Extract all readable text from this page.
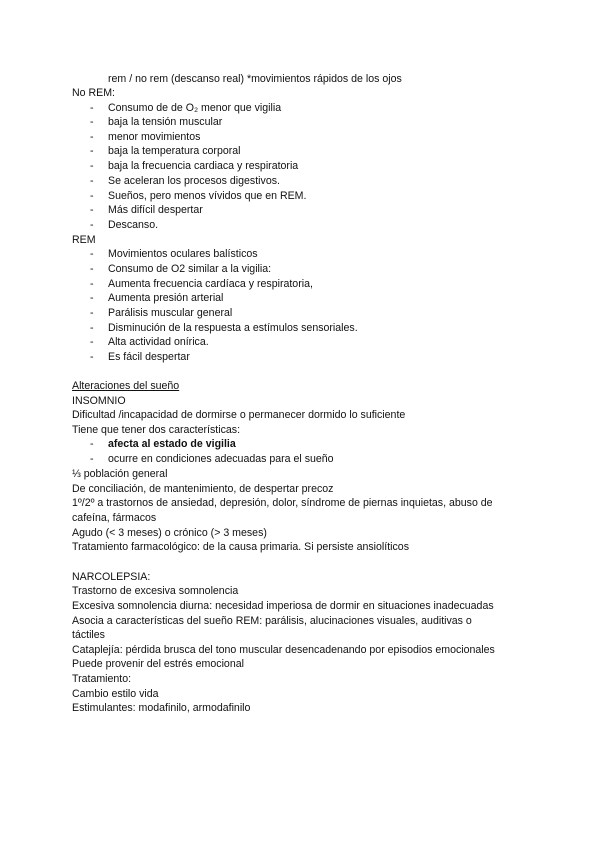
rem / no rem (descanso real) *movimientos rápidos de los ojos
No REM:
- Consumo de de O₂ menor que vigilia
- baja la tensión muscular
- menor movimientos
- baja la temperatura corporal
- baja la frecuencia cardiaca y respiratoria
- Se aceleran los procesos digestivos.
- Sueños, pero menos vívidos que en REM.
- Más difícil despertar
- Descanso.
REM
- Movimientos oculares balísticos
- Consumo de O2 similar a la vigilia:
- Aumenta frecuencia cardíaca y respiratoria,
- Aumenta presión arterial
- Parálisis muscular general
- Disminución de la respuesta a estímulos sensoriales.
- Alta actividad onírica.
- Es fácil despertar
Alteraciones del sueño
INSOMNIO
Dificultad /incapacidad de dormirse o permanecer dormido lo suficiente
Tiene que tener dos características:
- afecta al estado de vigilia
- ocurre en condiciones adecuadas para el sueño
⅓ población general
De conciliación, de mantenimiento, de despertar precoz
1º/2º a trastornos de ansiedad, depresión, dolor, síndrome de piernas inquietas, abuso de
cafeína, fármacos
Agudo (< 3 meses) o crónico (> 3 meses)
Tratamiento farmacológico: de la causa primaria. Si persiste ansiolíticos
NARCOLEPSIA:
Trastorno de excesiva somnolencia
Excesiva somnolencia diurna: necesidad imperiosa de dormir en situaciones inadecuadas
Asocia a características del sueño REM: parálisis, alucinaciones visuales, auditivas o
táctiles
Cataplejía: pérdida brusca del tono muscular desencadenando por episodios emocionales
Puede provenir del estrés emocional
Tratamiento:
Cambio estilo vida
Estimulantes: modafinilo, armodafinilo
